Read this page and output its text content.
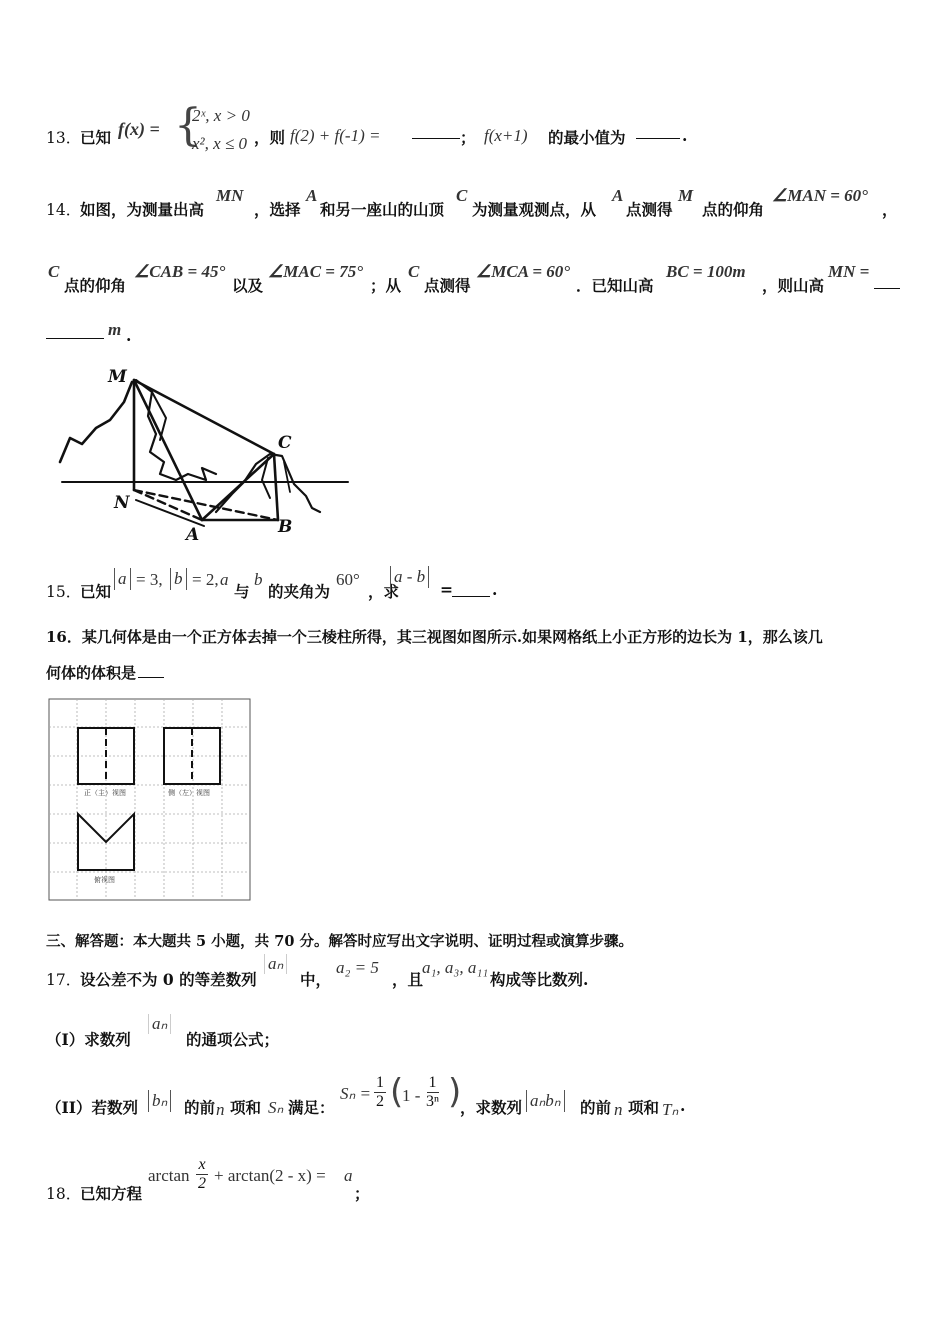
13．
已知 f(x) = {
2ˣ, x > 0
x², x ≤ 0 ，则 f(2) + f(-1) =	； f(x+1) 的最小值为	.
14．
如图，为测量出高
MN
，选择
A
和另一座山的山顶
C
为测量观测点，从
A
点测得
M
点的仰角
∠MAN = 60°
，
C
点的仰角
∠CAB = 45°
以及
∠MAC = 75°
；从
C
点测得
∠MCA = 60°
．已知山高
BC = 100m
，则山高
MN =
m .
M
N
A	B
C
15．
已知
a = 3, b = 2, a
与
b
的夹角为
60°
，求
a - b
=	.
16．某几何体是由一个正方体去掉一个三棱柱所得，其三视图如图所示.如果网格纸上小正方形的边长为 1，那么该几
何体的体积是
正（主）视图	侧（左）视图
俯视图
三、解答题：本大题共 5 小题，共 70 分。解答时应写出文字说明、证明过程或演算步骤。
17．
设公差不为 0 的等差数列
aₙ
中，
a₂ = 5
，且
a₁, a₃, a₁₁
构成等比数列.
（I）求数列
aₙ
的通项公式；
（II）若数列 bₙ 的前 n 项和 Sₙ 满足：
$S_n = \frac{1}{2}$ (
$1 - \frac{1}{\text{3ⁿ}}$ )
，求数列 aₙbₙ 的前 n 项和 Tₙ .
18．
已知方程
$\arctan \frac{x}{2} + \arctan(2 - x) = a$
；
